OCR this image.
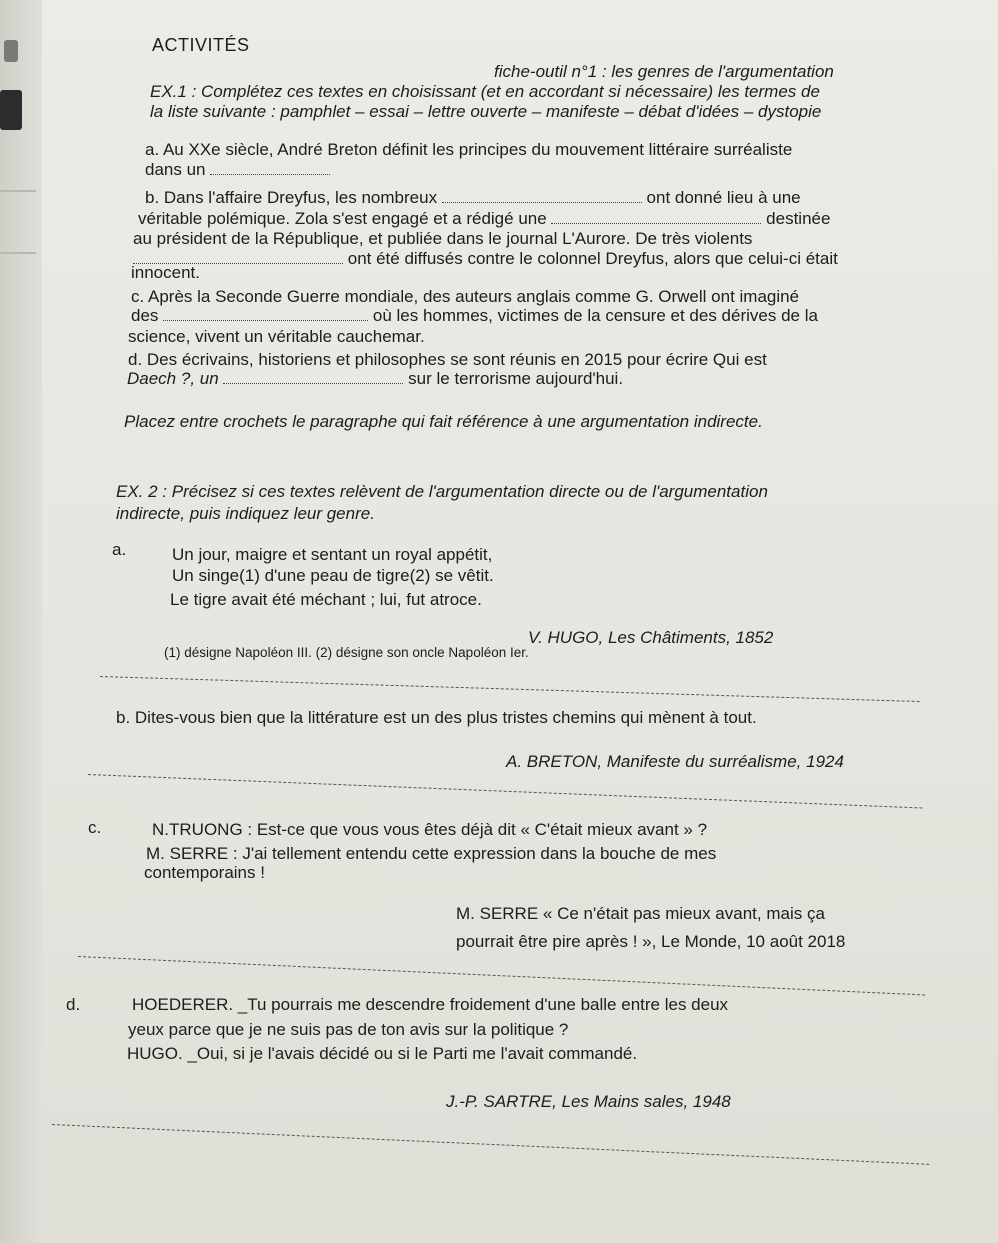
ACTIVITÉS
fiche-outil n°1 : les genres de l'argumentation
EX.1 : Complétez ces textes en choisissant (et en accordant si nécessaire) les termes de
la liste suivante : pamphlet – essai – lettre ouverte – manifeste – débat d'idées – dystopie
a. Au XXe siècle, André Breton définit les principes du mouvement littéraire surréaliste
dans un
b. Dans l'affaire Dreyfus, les nombreux	ont donné lieu à une
véritable polémique. Zola s'est engagé et a rédigé une	destinée
au président de la République, et publiée dans le journal L'Aurore. De très violents
ont été diffusés contre le colonnel Dreyfus, alors que celui-ci était
innocent.
c. Après la Seconde Guerre mondiale, des auteurs anglais comme G. Orwell ont imaginé
des	où les hommes, victimes de la censure et des dérives de la
science, vivent un véritable cauchemar.
d. Des écrivains, historiens et philosophes se sont réunis en 2015 pour écrire Qui est
Daech ?, un	sur le terrorisme aujourd'hui.
Placez entre crochets le paragraphe qui fait référence à une argumentation indirecte.
EX. 2 : Précisez si ces textes relèvent de l'argumentation directe ou de l'argumentation
indirecte, puis indiquez leur genre.
a.	Un jour, maigre et sentant un royal appétit,
Un singe(1) d'une peau de tigre(2) se vêtit.
Le tigre avait été méchant ; lui, fut atroce.
V. HUGO, Les Châtiments, 1852
(1) désigne Napoléon III. (2) désigne son oncle Napoléon Ier.
b. Dites-vous bien que la littérature est un des plus tristes chemins qui mènent à tout.
A. BRETON, Manifeste du surréalisme, 1924
c.	N.TRUONG : Est-ce que vous vous êtes déjà dit « C'était mieux avant » ?
M. SERRE : J'ai tellement entendu cette expression dans la bouche de mes
contemporains !
M. SERRE « Ce n'était pas mieux avant, mais ça
pourrait être pire après ! », Le Monde, 10 août 2018
d.	HOEDERER. _Tu pourrais me descendre froidement d'une balle entre les deux
yeux parce que je ne suis pas de ton avis sur la politique ?
HUGO. _Oui, si je l'avais décidé ou si le Parti me l'avait commandé.
J.-P. SARTRE, Les Mains sales, 1948
